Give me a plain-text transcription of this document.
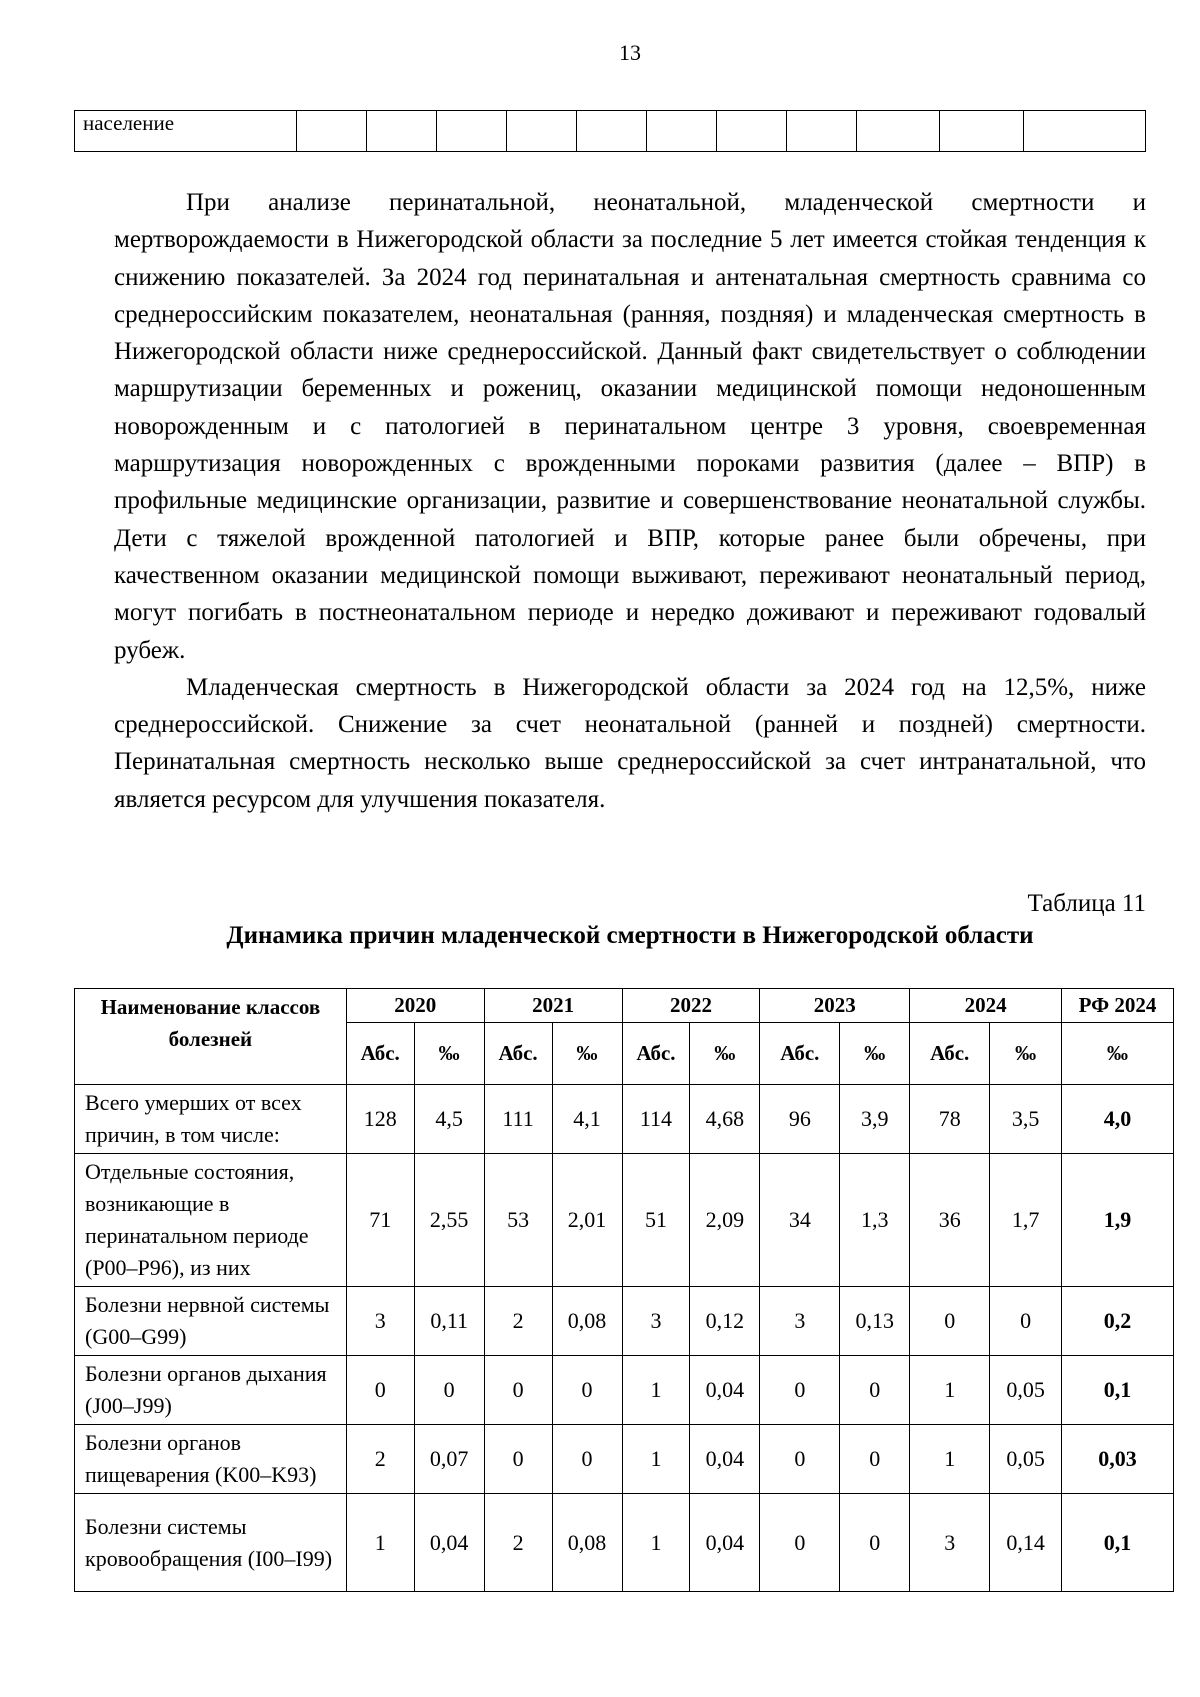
13
население											

При анализе перинатальной, неонатальной, младенческой смертности и мертворождаемости в Нижегородской области за последние 5 лет имеется стойкая тенденция к снижению показателей. За 2024 год перинатальная и антенатальная смертность сравнима со среднероссийским показателем, неонатальная (ранняя, поздняя) и младенческая смертность в Нижегородской области ниже среднероссийской. Данный факт свидетельствует о соблюдении маршрутизации беременных и рожениц, оказании медицинской помощи недоношенным новорожденным и с патологией в перинатальном центре 3 уровня, своевременная маршрутизация новорожденных с врожденными пороками развития (далее – ВПР) в профильные медицинские организации, развитие и совершенствование неонатальной службы. Дети с тяжелой врожденной патологией и ВПР, которые ранее были обречены, при качественном оказании медицинской помощи выживают, переживают неонатальный период, могут погибать в постнеонатальном периоде и нередко доживают и переживают годовалый рубеж.

Младенческая смертность в Нижегородской области за 2024 год на 12,5%, ниже среднероссийской. Снижение за счет неонатальной (ранней и поздней) смертности. Перинатальная смертность несколько выше среднероссийской за счет интранатальной, что является ресурсом для улучшения показателя.

Таблица 11
Динамика причин младенческой смертности в Нижегородской области
Наименование классов болезней	2020		2021		2022		2023		2024		РФ 2024
	Абс.	‰	Абс.	‰	Абс.	‰	Абс.	‰	Абс.	‰	‰
Всего умерших от всех причин, в том числе:	128	4,5	111	4,1	114	4,68	96	3,9	78	3,5	4,0
Отдельные состояния, возникающие в перинатальном периоде (P00–P96), из них	71	2,55	53	2,01	51	2,09	34	1,3	36	1,7	1,9
Болезни нервной системы (G00–G99)	3	0,11	2	0,08	3	0,12	3	0,13	0	0	0,2
Болезни органов дыхания (J00–J99)	0	0	0	0	1	0,04	0	0	1	0,05	0,1
Болезни органов пищеварения (K00–K93)	2	0,07	0	0	1	0,04	0	0	1	0,05	0,03
Болезни системы кровообращения (I00–I99)	1	0,04	2	0,08	1	0,04	0	0	3	0,14	0,1
